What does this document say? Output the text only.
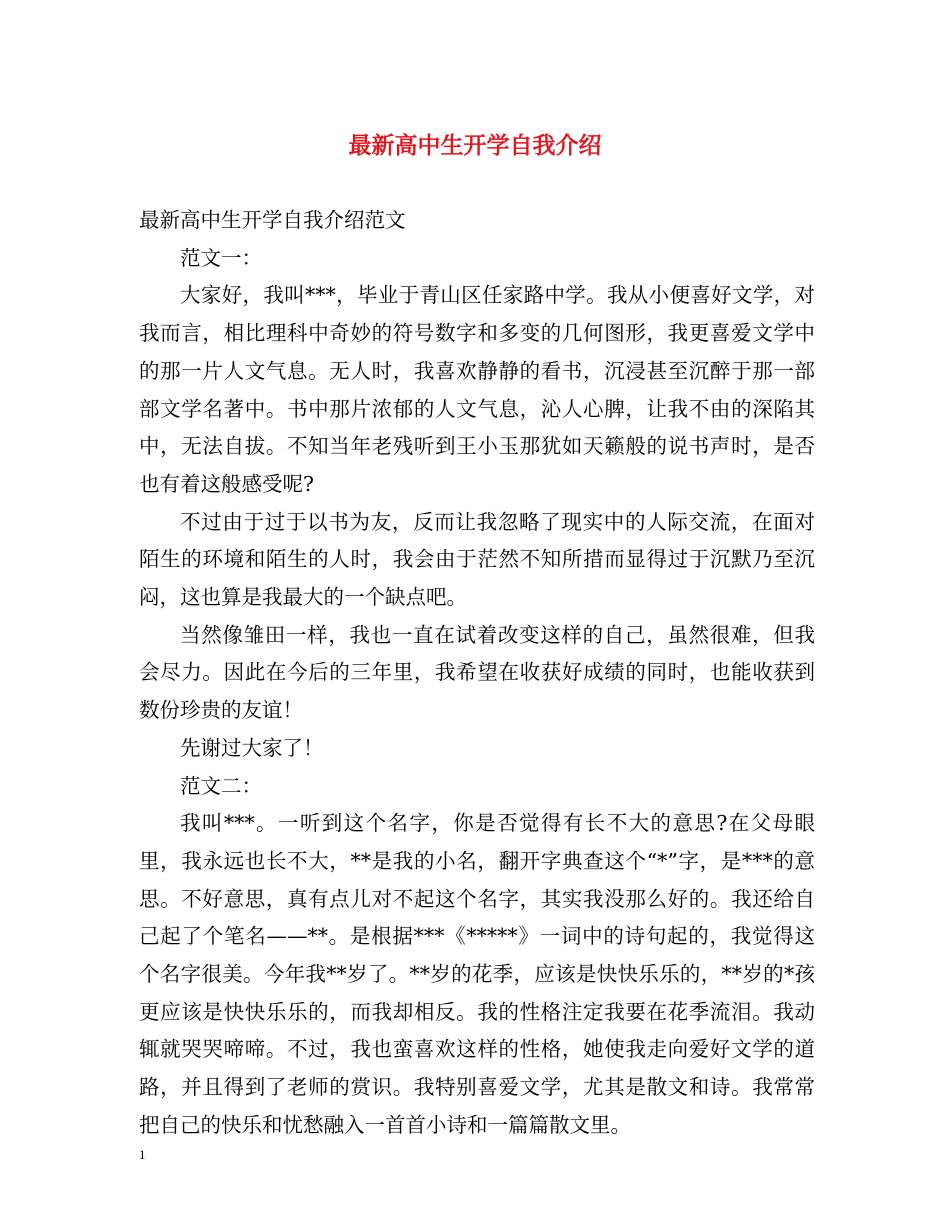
最新高中生开学自我介绍

最新高中生开学自我介绍范文

范文一：

大家好，我叫***，毕业于青山区任家路中学。我从小便喜好文学，对我而言，相比理科中奇妙的符号数字和多变的几何图形，我更喜爱文学中的那一片人文气息。无人时，我喜欢静静的看书，沉浸甚至沉醉于那一部部文学名著中。书中那片浓郁的人文气息，沁人心脾，让我不由的深陷其中，无法自拔。不知当年老残听到王小玉那犹如天籁般的说书声时，是否也有着这般感受呢?

不过由于过于以书为友，反而让我忽略了现实中的人际交流，在面对陌生的环境和陌生的人时，我会由于茫然不知所措而显得过于沉默乃至沉闷，这也算是我最大的一个缺点吧。

当然像雏田一样，我也一直在试着改变这样的自己，虽然很难，但我会尽力。因此在今后的三年里，我希望在收获好成绩的同时，也能收获到数份珍贵的友谊！

先谢过大家了！

范文二：

我叫***。一听到这个名字，你是否觉得有长不大的意思?在父母眼里，我永远也长不大，**是我的小名，翻开字典查这个“*”字，是***的意思。不好意思，真有点儿对不起这个名字，其实我没那么好的。我还给自己起了个笔名——**。是根据***《*****》一词中的诗句起的，我觉得这个名字很美。今年我**岁了。**岁的花季，应该是快快乐乐的，**岁的*孩更应该是快快乐乐的，而我却相反。我的性格注定我要在花季流泪。我动辄就哭哭啼啼。不过，我也蛮喜欢这样的性格，她使我走向爱好文学的道路，并且得到了老师的赏识。我特别喜爱文学，尤其是散文和诗。我常常把自己的快乐和忧愁融入一首首小诗和一篇篇散文里。

1
